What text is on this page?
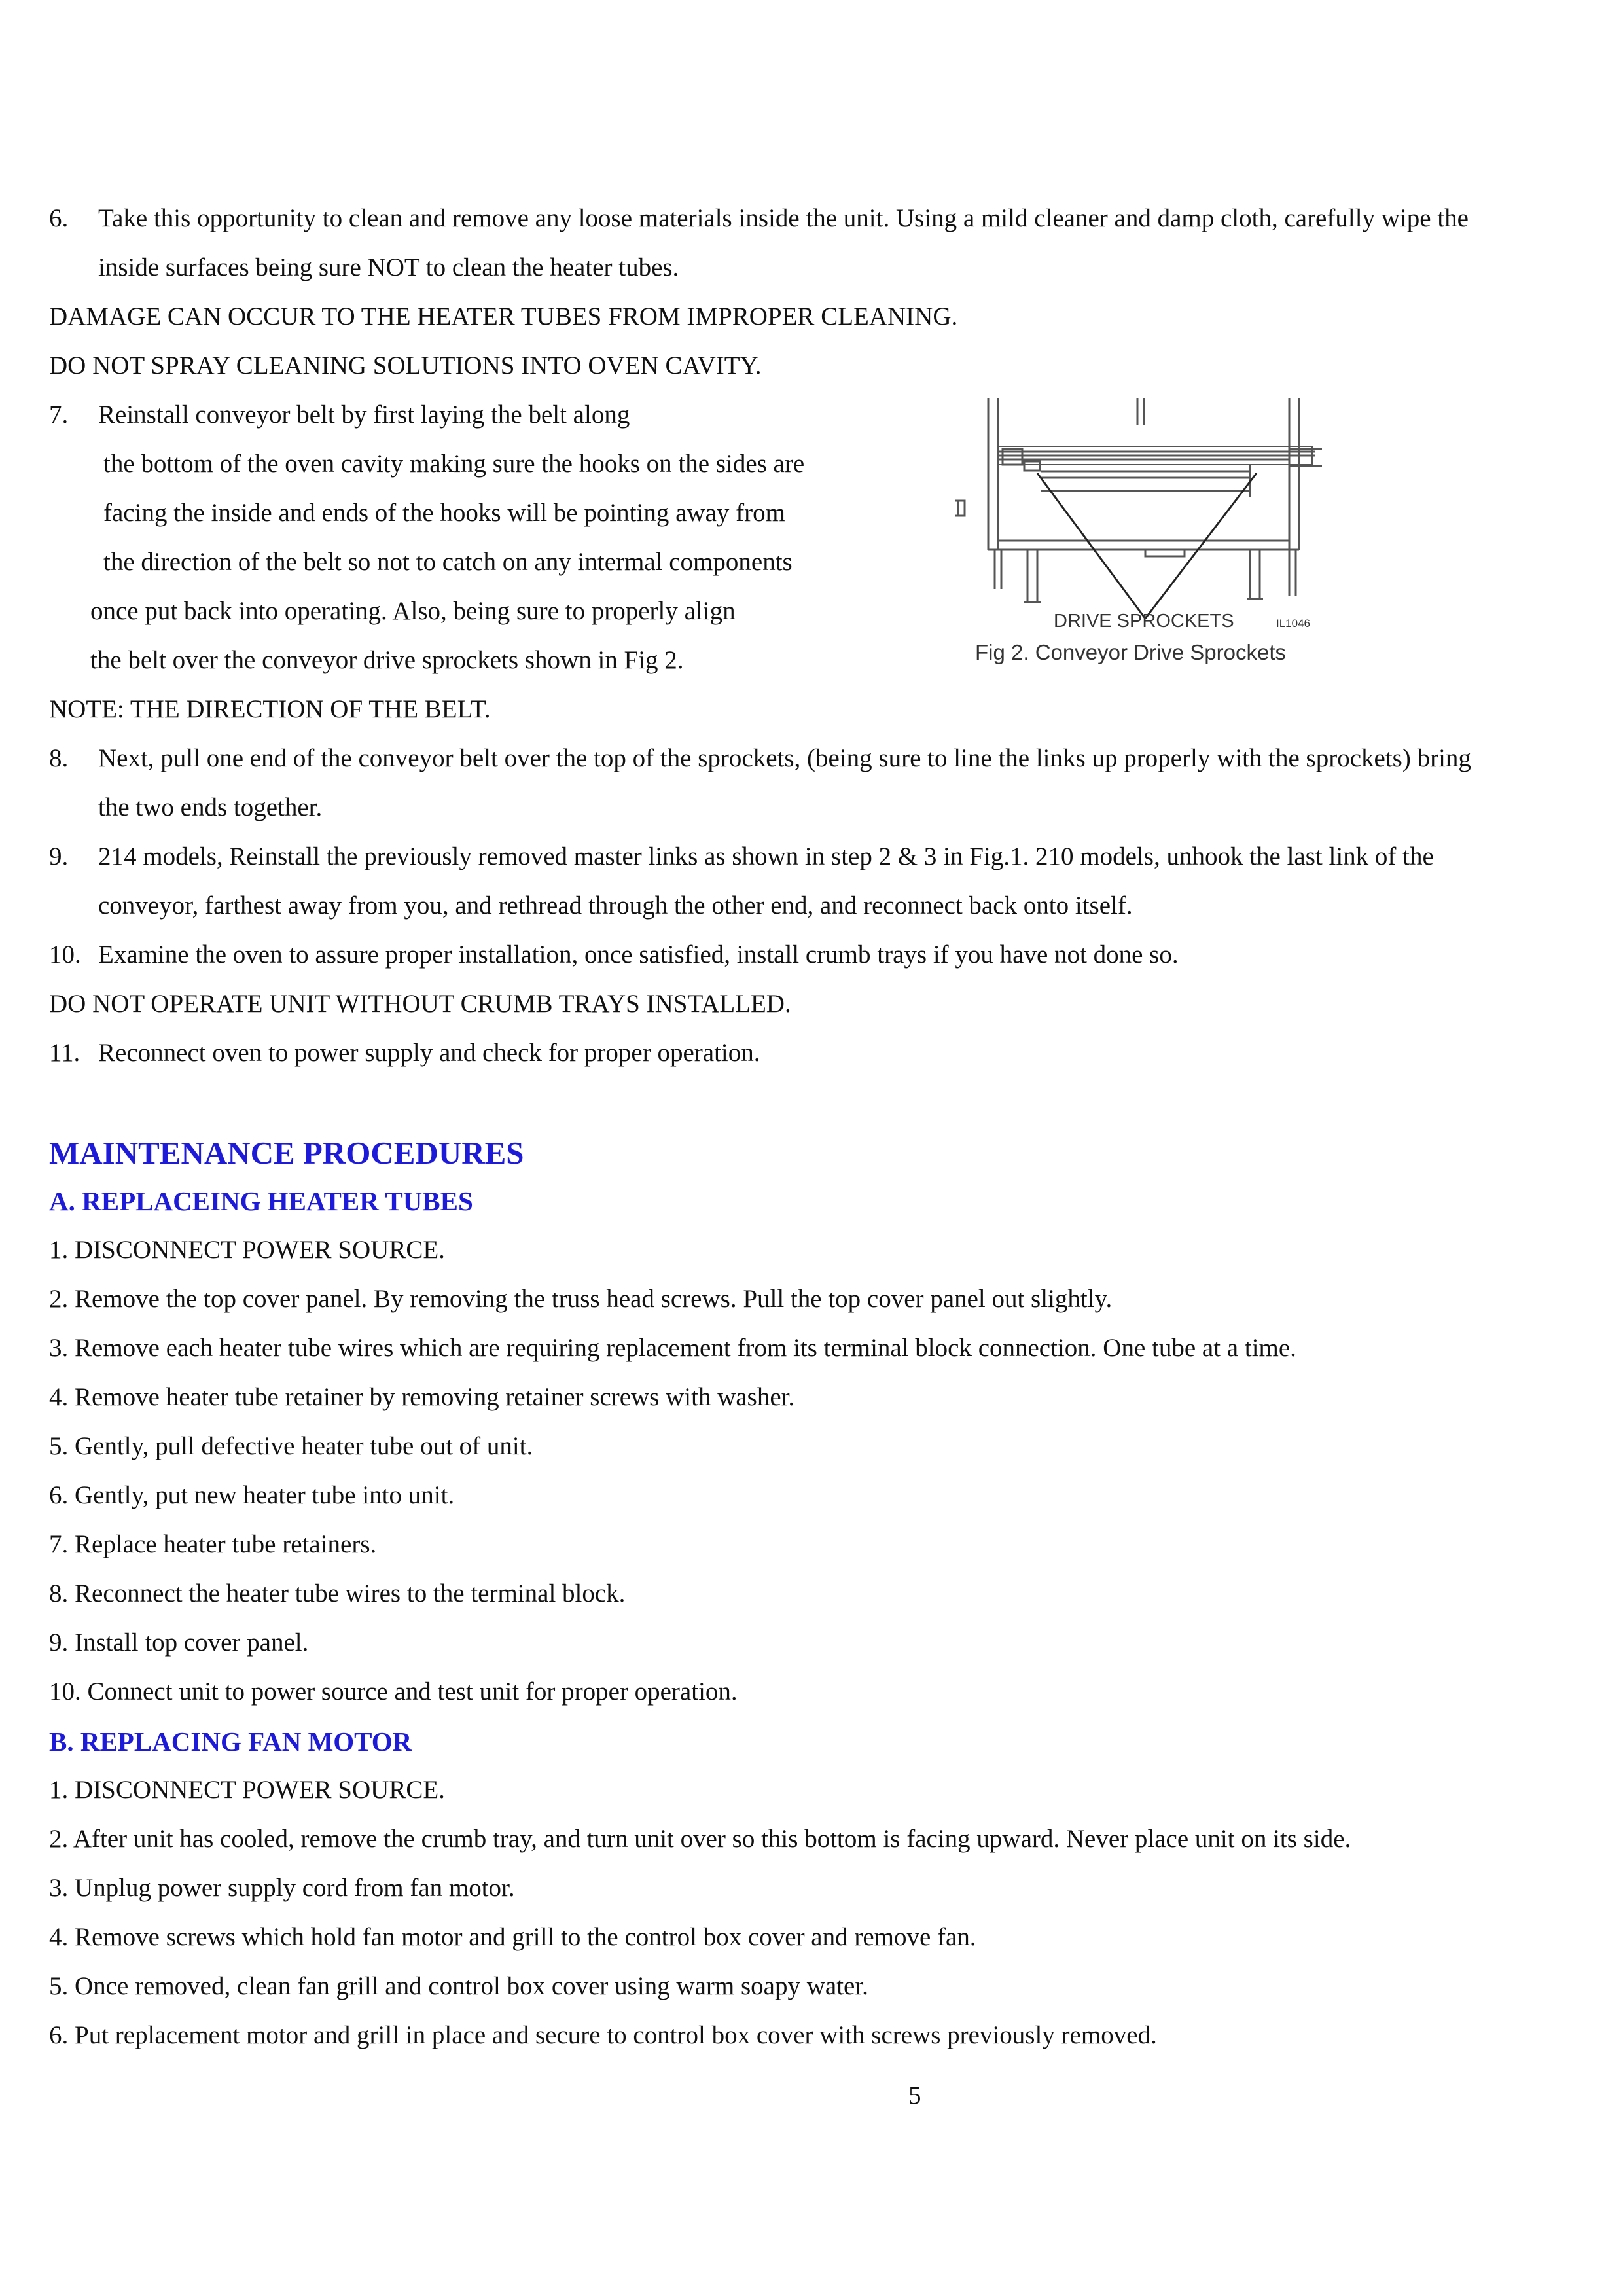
6. Take this opportunity to clean and remove any loose materials inside the unit. Using a mild cleaner and damp cloth, carefully wipe the
inside surfaces being sure NOT to clean the heater tubes.
DAMAGE CAN OCCUR TO THE HEATER TUBES FROM IMPROPER CLEANING.
DO NOT SPRAY CLEANING SOLUTIONS INTO OVEN CAVITY.
7. Reinstall conveyor belt by first laying the belt along
the bottom of the oven cavity making sure the hooks on the sides are
facing the inside and ends of the hooks will be pointing away from
the direction of the belt so not to catch on any intermal components
once put back into operating. Also, being sure to properly align
the belt over the conveyor drive sprockets shown in Fig 2.
DRIVE SPROCKETS	IL1046
Fig 2. Conveyor Drive Sprockets
NOTE: THE DIRECTION OF THE BELT.
8. Next, pull one end of the conveyor belt over the top of the sprockets, (being sure to line the links up properly with the sprockets) bring
the two ends together.
9. 214 models, Reinstall the previously removed master links as shown in step 2 & 3 in Fig.1. 210 models, unhook the last link of the
conveyor, farthest away from you, and rethread through the other end, and reconnect back onto itself.
10. Examine the oven to assure proper installation, once satisfied, install crumb trays if you have not done so.
DO NOT OPERATE UNIT WITHOUT CRUMB TRAYS INSTALLED.
11. Reconnect oven to power supply and check for proper operation.
MAINTENANCE PROCEDURES
A. REPLACEING HEATER TUBES
1. DISCONNECT POWER SOURCE.
2. Remove the top cover panel. By removing the truss head screws. Pull the top cover panel out slightly.
3. Remove each heater tube wires which are requiring replacement from its terminal block connection. One tube at a time.
4. Remove heater tube retainer by removing retainer screws with washer.
5. Gently, pull defective heater tube out of unit.
6. Gently, put new heater tube into unit.
7. Replace heater tube retainers.
8. Reconnect the heater tube wires to the terminal block.
9. Install top cover panel.
10. Connect unit to power source and test unit for proper operation.
B. REPLACING FAN MOTOR
1. DISCONNECT POWER SOURCE.
2. After unit has cooled, remove the crumb tray, and turn unit over so this bottom is facing upward. Never place unit on its side.
3. Unplug power supply cord from fan motor.
4. Remove screws which hold fan motor and grill to the control box cover and remove fan.
5. Once removed, clean fan grill and control box cover using warm soapy water.
6. Put replacement motor and grill in place and secure to control box cover with screws previously removed.
5
